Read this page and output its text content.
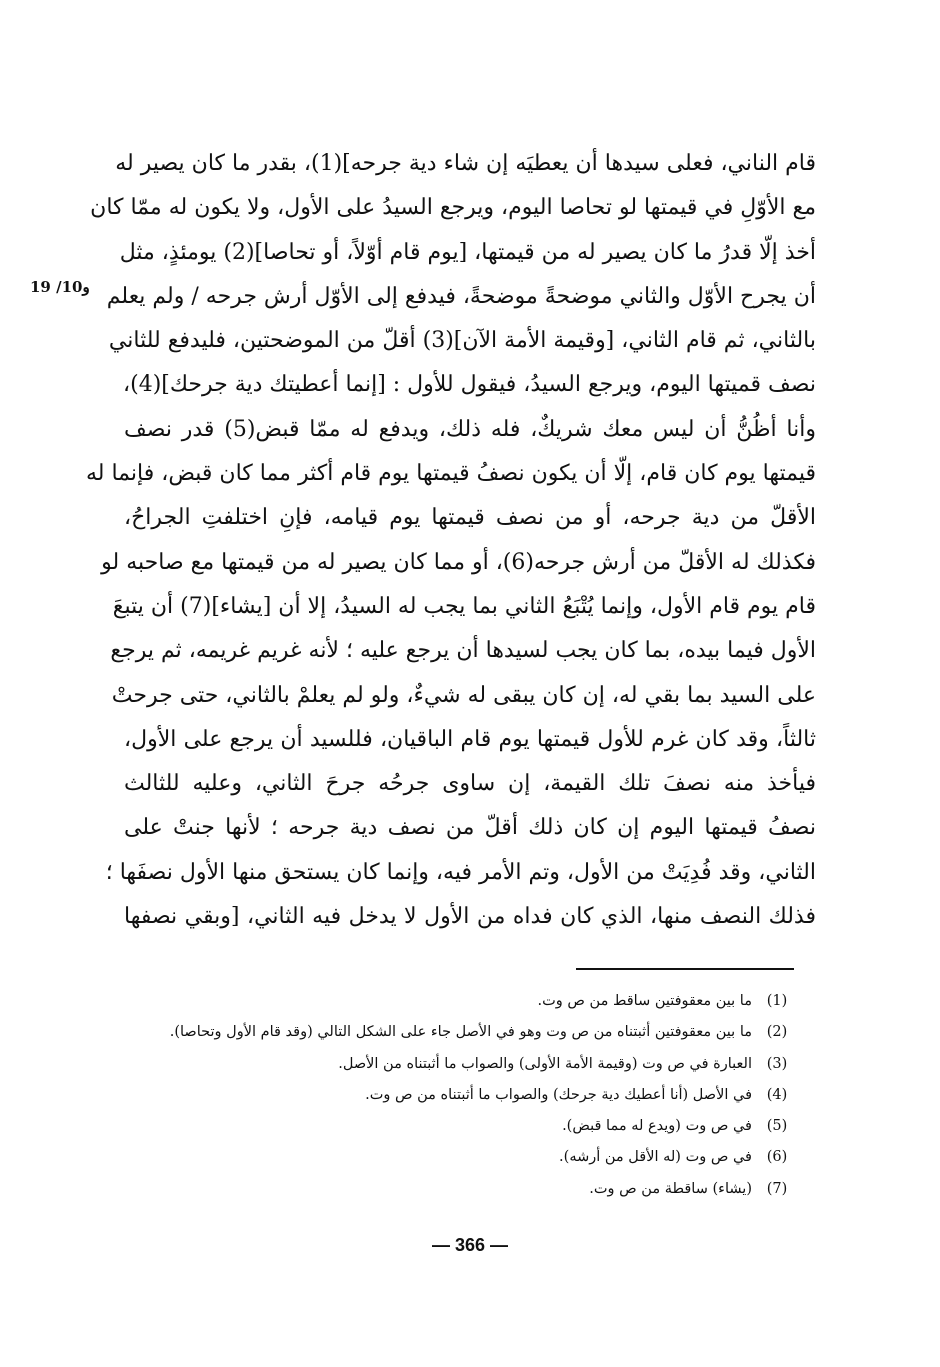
قام الناني، فعلى سيدها أن يعطيَه إن شاء دية جرحه](1)، بقدر ما كان يصير له
مع الأوّلِ في قيمتها لو تحاصا اليوم، ويرجع السيدُ على الأول، ولا يكون له ممّا كان
أخذ إلّا قدرُ ما كان يصير له من قيمتها، [يوم قام أوّلاً، أو تحاصا](2) يومئذٍ، مثل
أن يجرح الأوّل والثاني موضحةً موضحةً، فيدفع إلى الأوّل أرش جرحه / ولم يعلم
بالثاني، ثم قام الثاني، [وقيمة الأمة الآن](3) أقلّ من الموضحتين، فليدفع للثاني
نصف قميتها اليوم، ويرجع السيدُ، فيقول للأول : [إنما أعطيتك دية جرحك](4)،
وأنا أظُنُّ أن ليس معك شريكٌ، فله ذلك، ويدفع له ممّا قبض(5) قدر نصف
قيمتها يوم كان قام، إلّا أن يكون نصفُ قيمتها يوم قام أكثر مما كان قبض، فإنما له
الأقلّ من دية جرحه، أو من نصف قيمتها يوم قيامه، فإنِ اختلفتِ الجراحُ،
فكذلك له الأقلّ من أرش جرحه(6)، أو مما كان يصير له من قيمتها مع صاحبه لو
قام يوم قام الأول، وإنما يُتْبَعُ الثاني بما يجب له السيدُ، إلا أن [يشاء](7) أن يتبعَ
الأول فيما بيده، بما كان يجب لسيدها أن يرجع عليه ؛ لأنه غريم غريمه، ثم يرجع
على السيد بما بقي له، إن كان يبقى له شيءٌ، ولو لم يعلمْ بالثاني، حتى جرحتْ
ثالثاً، وقد كان غرم للأول قيمتها يوم قام الباقيان، فللسيد أن يرجع على الأول،
فيأخذ منه نصفَ تلك القيمة، إن ساوى جرحُه جرحَ الثاني، وعليه للثالث
نصفُ قيمتها اليوم إن كان ذلك أقلّ من نصف دية جرحه ؛ لأنها جنتْ على
الثاني، وقد فُدِيَتْ من الأول، وتم الأمر فيه، وإنما كان يستحق منها الأول نصفَها ؛
فذلك النصف منها، الذي كان فداه من الأول لا يدخل فيه الثاني، [وبقي نصفها
و10/ 19
(1)
ما بين معقوفتين ساقط من ص وت.
(2)
ما بين معقوفتين أثبتناه من ص وت وهو في الأصل جاء على الشكل التالي (وقد قام الأول وتحاصا).
(3)
العبارة في ص وت (وقيمة الأمة الأولى) والصواب ما أثبتناه من الأصل.
(4)
في الأصل (أنا أعطيك دية جرحك) والصواب ما أثبتناه من ص وت.
(5)
في ص وت (ويدع له مما قبض).
(6)
في ص وت (له الأقل من أرشه).
(7)
(يشاء) ساقطة من ص وت.
— 366 —
